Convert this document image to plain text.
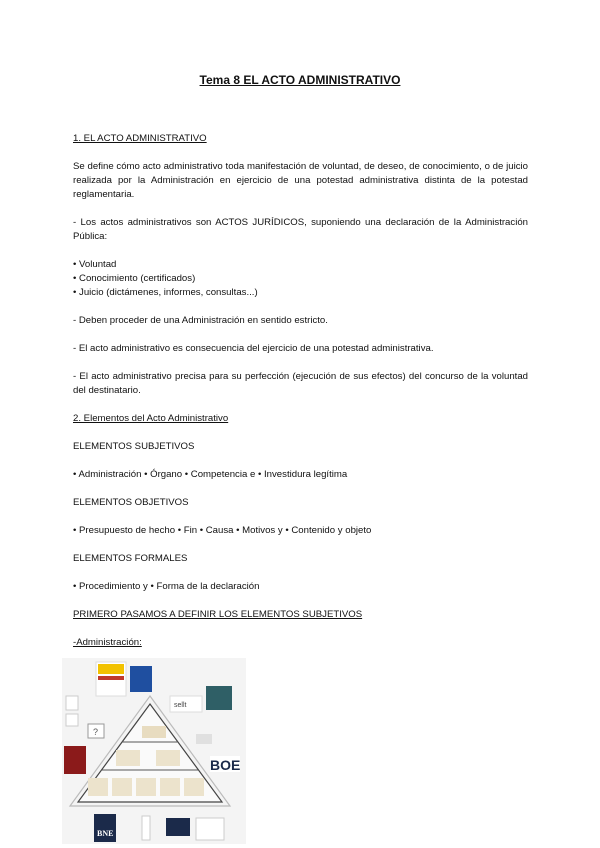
Tema 8 EL ACTO ADMINISTRATIVO
1. EL ACTO ADMINISTRATIVO
Se define cómo acto administrativo toda manifestación de voluntad, de deseo, de conocimiento, o de juicio realizada por la Administración en ejercicio de una potestad administrativa distinta de la potestad reglamentaria.
- Los actos administrativos son ACTOS JURÍDICOS, suponiendo una declaración de la Administración Pública:
• Voluntad
• Conocimiento (certificados)
• Juicio (dictámenes, informes, consultas...)
- Deben proceder de una Administración en sentido estricto.
- El acto administrativo es consecuencia del ejercicio de una potestad administrativa.
- El acto administrativo precisa para su perfección (ejecución de sus efectos) del concurso de la voluntad del destinatario.
2. Elementos del Acto Administrativo
ELEMENTOS SUBJETIVOS
• Administración • Órgano • Competencia e • Investidura legítima
ELEMENTOS OBJETIVOS
• Presupuesto de hecho • Fin • Causa • Motivos y • Contenido y objeto
ELEMENTOS FORMALES
• Procedimiento y • Forma de la declaración
PRIMERO PASAMOS A DEFINIR LOS ELEMENTOS SUBJETIVOS
-Administración:
sellt
?
BOE
BNE
